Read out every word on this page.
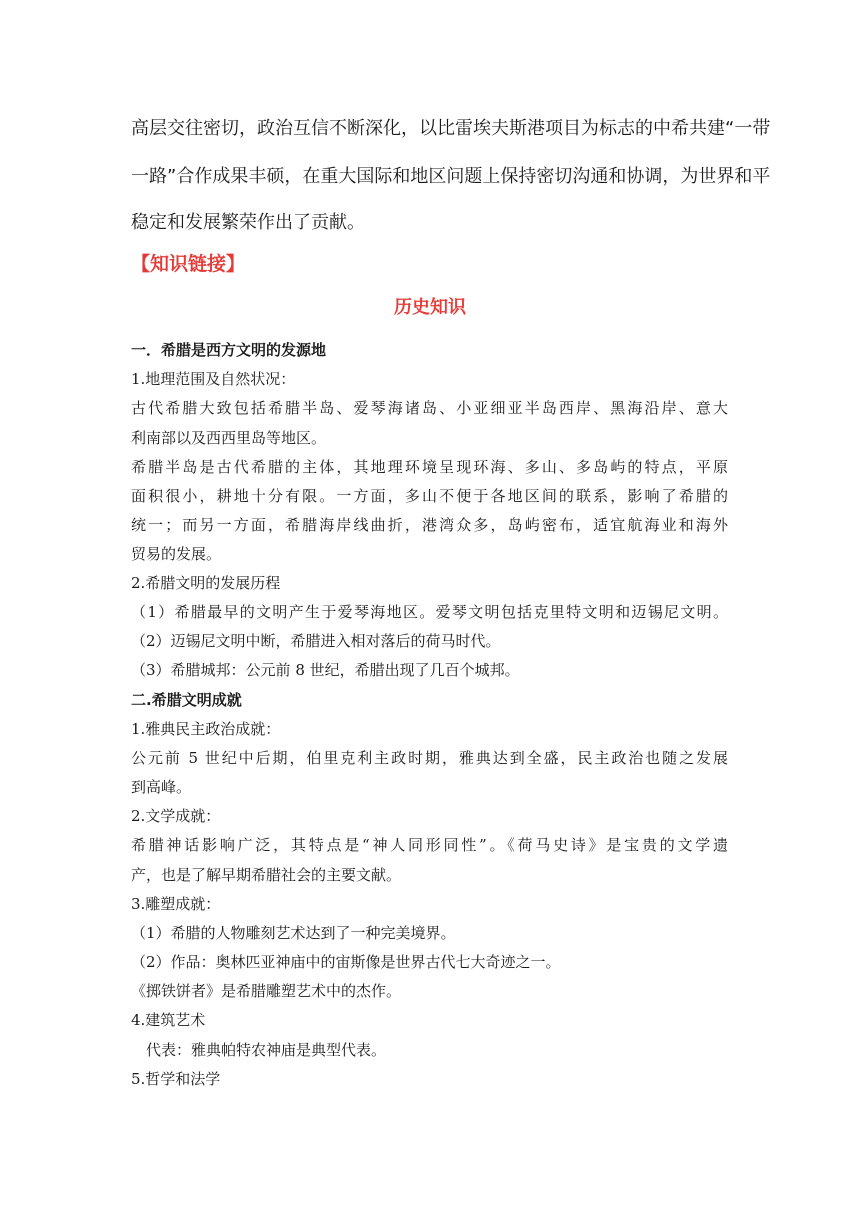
高层交往密切，政治互信不断深化，以比雷埃夫斯港项目为标志的中希共建“一带

一路”合作成果丰硕，在重大国际和地区问题上保持密切沟通和协调，为世界和平

稳定和发展繁荣作出了贡献。

【知识链接】

历史知识

一．希腊是西方文明的发源地

1.地理范围及自然状况：

古代希腊大致包括希腊半岛、爱琴海诸岛、小亚细亚半岛西岸、黑海沿岸、意大

利南部以及西西里岛等地区。

希腊半岛是古代希腊的主体，其地理环境呈现环海、多山、多岛屿的特点，平原

面积很小，耕地十分有限。一方面，多山不便于各地区间的联系，影响了希腊的

统一；而另一方面，希腊海岸线曲折，港湾众多，岛屿密布，适宜航海业和海外

贸易的发展。

2.希腊文明的发展历程

（1）希腊最早的文明产生于爱琴海地区。爱琴文明包括克里特文明和迈锡尼文明。

（2）迈锡尼文明中断，希腊进入相对落后的荷马时代。

（3）希腊城邦：公元前 8 世纪，希腊出现了几百个城邦。

二.希腊文明成就

1.雅典民主政治成就：

公元前 5 世纪中后期，伯里克利主政时期，雅典达到全盛，民主政治也随之发展

到高峰。

2.文学成就：

希腊神话影响广泛，其特点是“神人同形同性”。《荷马史诗》是宝贵的文学遗

产，也是了解早期希腊社会的主要文献。

3.雕塑成就：

（1）希腊的人物雕刻艺术达到了一种完美境界。

（2）作品：奥林匹亚神庙中的宙斯像是世界古代七大奇迹之一。

《掷铁饼者》是希腊雕塑艺术中的杰作。

4.建筑艺术

代表：雅典帕特农神庙是典型代表。

5.哲学和法学
